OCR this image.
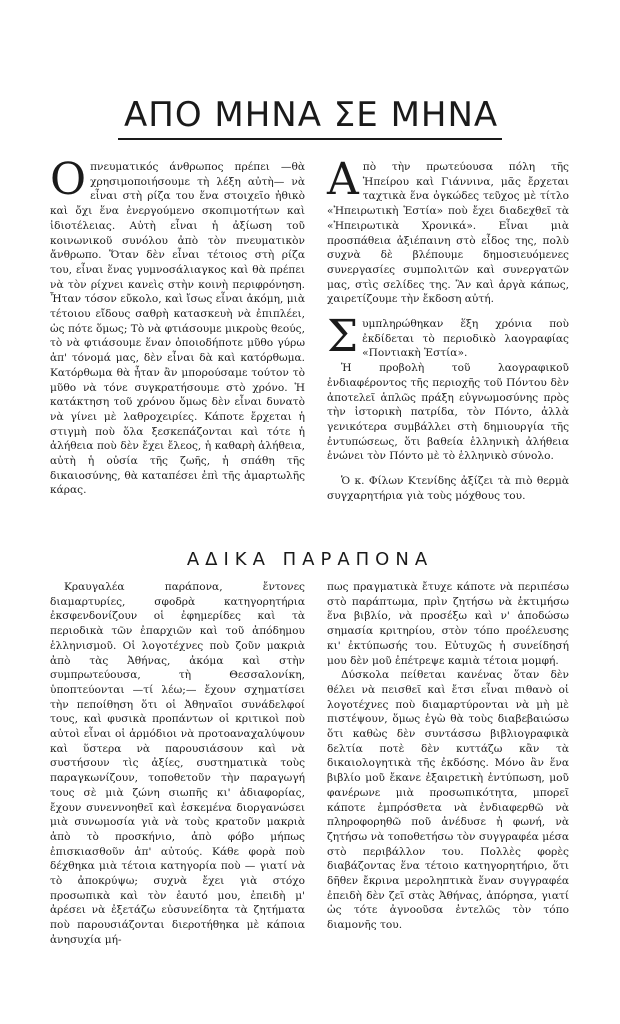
ΑΠΟ ΜΗΝΑ ΣΕ ΜΗΝΑ

Οπνευματικός άνθρωπος πρέπει —θὰ χρησιμοποιήσουμε τὴ λέξη αὐτὴ— νὰ εἶναι στὴ ρίζα του ἕνα στοιχεῖο ἠθικὸ καὶ ὄχι ἕνα ἐνεργούμενο σκοπιμοτήτων καὶ ἰδιοτέλειας. Αὐτὴ εἶναι ἡ ἀξίωση τοῦ κοινωνικοῦ συνόλου ἀπὸ τὸν πνευματικὸν ἄνθρωπο. Ὅταν δὲν εἶναι τέτοιος στὴ ρίζα του, εἶναι ἕνας γυμνοσάλιαγκος καὶ θὰ πρέπει νὰ τὸν ρίχνει κανεὶς στὴν κοινὴ περιφρόνηση. Ἦταν τόσον εὔκολο, καὶ ἴσως εἶναι ἀκόμη, μιὰ τέτοιου εἴδους σαθρὴ κατασκευὴ νὰ ἐπιπλέει, ὡς πότε ὅμως; Τὸ νὰ φτιάσουμε μικροὺς θεούς, τὸ νὰ φτιάσουμε ἕναν ὁποιοδήποτε μῦθο γύρω ἀπ' τόνομά μας, δὲν εἶναι δὰ καὶ κατόρθωμα. Κατόρθωμα θὰ ἦταν ἂν μπορούσαμε τούτον τὸ μῦθο νὰ τόνε συγκρατήσουμε στὸ χρόνο. Ἡ κατάκτηση τοῦ χρόνου ὅμως δὲν εἶναι δυνατὸ νὰ γίνει μὲ λαθροχειρίες. Κάποτε ἔρχεται ἡ στιγμὴ ποὺ ὅλα ξεσκεπάζονται καὶ τότε ἡ ἀλήθεια ποὺ δὲν ἔχει ἔλεος, ἡ καθαρὴ ἀλήθεια, αὐτὴ ἡ οὐσία τῆς ζωῆς, ἡ σπάθη τῆς δικαιοσύνης, θὰ καταπέσει ἐπὶ τῆς ἁμαρτωλῆς κάρας.

Απὸ τὴν πρωτεύουσα πόλη τῆς Ἠπείρου καὶ Γιάννινα, μᾶς ἔρχεται ταχτικὰ ἕνα ὀγκώδες τεῦχος μὲ τίτλο «Ἠπειρωτικὴ Ἑστία» ποὺ ἔχει διαδεχθεῖ τὰ «Ἠπειρωτικὰ Χρονικά». Εἶναι μιὰ προσπάθεια ἀξιέπαινη στὸ εἶδος της, πολὺ συχνὰ δὲ βλέπουμε δημοσιευόμενες συνεργασίες συμπολιτῶν καὶ συνεργατῶν μας, στὶς σελίδες της. Ἂν καὶ ἀργὰ κάπως, χαιρετίζουμε τὴν ἔκδοση αὐτή.

Συμπληρώθηκαν ἕξη χρόνια ποὺ ἐκδίδεται τὸ περιοδικὸ λαογραφίας «Ποντιακὴ Ἑστία».

Ἡ προβολὴ τοῦ λαογραφικοῦ ἐνδιαφέροντος τῆς περιοχῆς τοῦ Πόντου δὲν ἀποτελεῖ ἁπλῶς πράξη εὐγνωμοσύνης πρὸς τὴν ἱστορικὴ πατρίδα, τὸν Πόντο, ἀλλὰ γενικότερα συμβάλλει στὴ δημιουργία τῆς ἐντυπώσεως, ὅτι βαθεία ἑλληνικὴ ἀλήθεια ἑνώνει τὸν Πόντο μὲ τὸ ἑλληνικὸ σύνολο.

Ὁ κ. Φίλων Κτενίδης ἀξίζει τὰ πιὸ θερμὰ συγχαρητήρια γιὰ τοὺς μόχθους του.

ΑΔΙΚΑ ΠΑΡΑΠΟΝΑ

Κραυγαλέα παράπονα, ἔντονες διαμαρτυρίες, σφοδρὰ κατηγορητήρια ἐκσφενδονίζουν οἱ ἐφημερίδες καὶ τὰ περιοδικὰ τῶν ἐπαρχιῶν καὶ τοῦ ἀπόδημου ἑλληνισμοῦ. Οἱ λογοτέχνες ποὺ ζοῦν μακριὰ ἀπὸ τὰς Ἀθήνας, ἀκόμα καὶ στὴν συμπρωτεύουσα, τὴ Θεσσαλονίκη, ὑποπτεύονται —τί λέω;— ἔχουν σχηματίσει τὴν πεποίθηση ὅτι οἱ Ἀθηναῖοι συνάδελφοί τους, καὶ φυσικὰ προπάντων οἱ κριτικοὶ ποὺ αὐτοὶ εἶναι οἱ ἁρμόδιοι νὰ προτοαναχαλύψουν καὶ ὕστερα νὰ παρουσιάσουν καὶ νὰ συστήσουν τὶς ἀξίες, συστηματικὰ τοὺς παραγκωνίζουν, τοποθετοῦν τὴν παραγωγή τους σὲ μιὰ ζώνη σιωπῆς κι' ἀδιαφορίας, ἔχουν συνεννοηθεῖ καὶ ἐσκεμένα διοργανώσει μιὰ συνωμοσία γιὰ νὰ τοὺς κρατοῦν μακριὰ ἀπὸ τὸ προσκήνιο, ἀπὸ φόβο μήπως ἐπισκιασθοῦν ἀπ' αὐτούς. Κάθε φορὰ ποὺ δέχθηκα μιὰ τέτοια κατηγορία ποὺ — γιατί νὰ τὸ ἀποκρύψω; συχνὰ ἔχει γιὰ στόχο προσωπικὰ καὶ τὸν ἑαυτό μου, ἐπειδὴ μ' ἀρέσει νὰ ἐξετάζω εὐσυνείδητα τὰ ζητήματα ποὺ παρουσιάζονται διεροτήθηκα μὲ κάποια ἀνησυχία μή-

πως πραγματικὰ ἔτυχε κάποτε νὰ περιπέσω στὸ παράπτωμα, πρὶν ζητήσω νὰ ἐκτιμήσω ἕνα βιβλίο, νὰ προσέξω καὶ ν' ἀποδώσω σημασία κριτηρίου, στὸν τόπο προέλευσης κι' ἐκτύπωσής του. Εὐτυχῶς ἡ συνείδησή μου δὲν μοῦ ἐπέτρεψε καμιὰ τέτοια μομφή.

Δύσκολα πείθεται κανένας ὅταν δὲν θέλει νὰ πεισθεῖ καὶ ἔτσι εἶναι πιθανὸ οἱ λογοτέχνες ποὺ διαμαρτύρονται νὰ μὴ μὲ πιστέψουν, ὅμως ἐγὼ θὰ τοὺς διαβεβαιώσω ὅτι καθὼς δὲν συντάσσω βιβλιογραφικὰ δελτία ποτὲ δὲν κυττάζω κἂν τὰ δικαιολογητικὰ τῆς ἐκδόσης. Μόνο ἂν ἕνα βιβλίο μοῦ ἔκανε ἐξαιρετικὴ ἐντύπωση, μοῦ φανέρωνε μιὰ προσωπικότητα, μπορεῖ κάποτε ἐμπρόσθετα νὰ ἐνδιαφερθῶ νὰ πληροφορηθῶ ποῦ ἀνέδυσε ἡ φωνή, νὰ ζητήσω νὰ τοποθετήσω τὸν συγγραφέα μέσα στὸ περιβάλλον του. Πολλὲς φορὲς διαβάζοντας ἕνα τέτοιο κατηγορητήριο, ὅτι δῆθεν ἔκρινα μεροληπτικὰ ἕναν συγγραφέα ἐπειδὴ δὲν ζεῖ στὰς Ἀθήνας, ἀπόρησα, γιατί ὡς τότε ἀγνοοῦσα ἐντελῶς τὸν τόπο διαμονῆς του.
